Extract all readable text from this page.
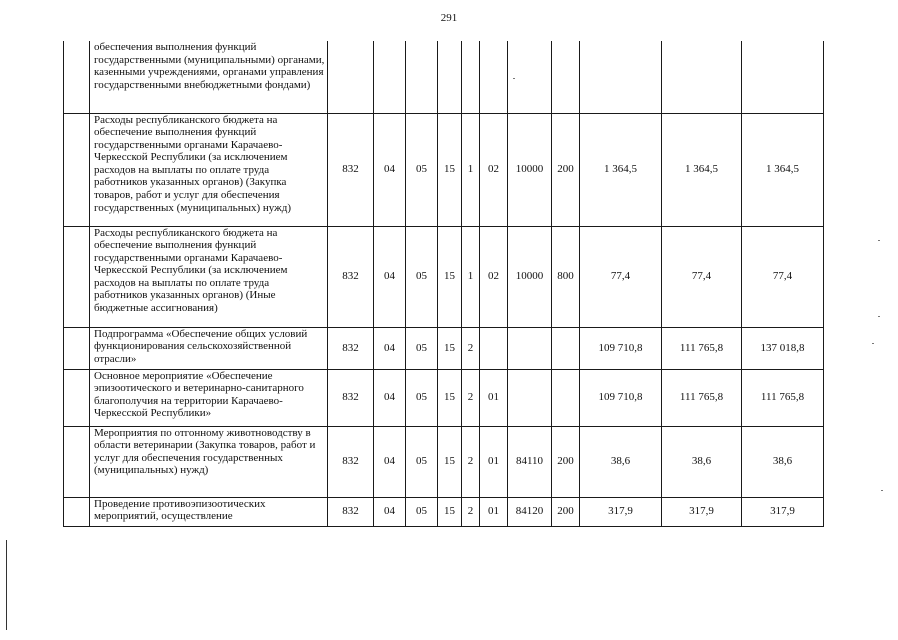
291
	обеспечения выполнения функций государственными (муниципальными) органами, казенными учреждениями, органами управления государственными внебюджетными фондами)											
	Расходы республиканского бюджета на обеспечение выполнения функций государственными органами Карачаево-Черкесской Республики (за исключением расходов на выплаты по оплате труда работников указанных органов) (Закупка товаров, работ и услуг для обеспечения государственных (муниципальных) нужд)	832	04	05	15	1	02	10000	200	1 364,5	1 364,5	1 364,5
	Расходы республиканского бюджета на обеспечение выполнения функций государственными органами Карачаево-Черкесской Республики (за исключением расходов на выплаты по оплате труда работников указанных органов) (Иные бюджетные ассигнования)	832	04	05	15	1	02	10000	800	77,4	77,4	77,4
	Подпрограмма «Обеспечение общих условий функционирования сельскохозяйственной отрасли»	832	04	05	15	2				109 710,8	111 765,8	137 018,8
	Основное мероприятие «Обеспечение эпизоотического и ветеринарно-санитарного благополучия на территории Карачаево-Черкесской Республики»	832	04	05	15	2	01			109 710,8	111 765,8	111 765,8
	Мероприятия по отгонному животноводству в области ветеринарии (Закупка товаров, работ и услуг для обеспечения государственных (муниципальных) нужд)	832	04	05	15	2	01	84110	200	38,6	38,6	38,6
	Проведение противоэпизоотических мероприятий, осуществление	832	04	05	15	2	01	84120	200	317,9	317,9	317,9
